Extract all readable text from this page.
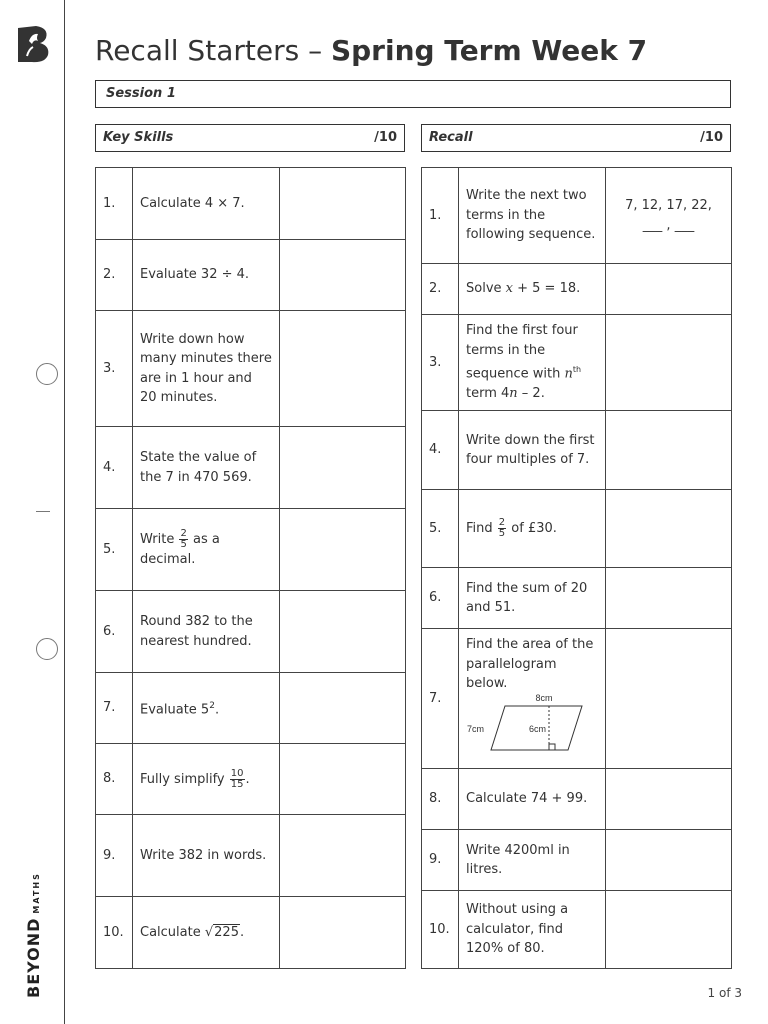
BEYONDMATHS
Recall Starters – Spring Term Week 7
Session 1
Key Skills	/10	Recall	/10
1.	Calculate 4 × 7.	
2.	Evaluate 32 ÷ 4.	
3.	Write down how many minutes there are in 1 hour and 20 minutes.	
4.	State the value of the 7 in 470 569.	
5.	Write $\frac{2}{5}$ as a decimal.	
6.	Round 382 to the nearest hundred.	
7.	Evaluate $5^2$.	
8.	Fully simplify $\frac{10}{15}$ .	
9.	Write 382 in words.	
10.	Calculate √225.	
1.	Write the next two terms in the following sequence.	7, 12, 17, 22,
___ , ___

2.	Solve x + 5 = 18.	
3.	Find the first four terms in the sequence with $n^{th}$ term 4n – 2.	
4.	Write down the first four multiples of 7.	
5.	Find $\frac{2}{5}$ of £30.	
6.	Find the sum of 20 and 51.	
7.	Find the area of the parallelogram below.
8cm
7cm 6cm	

8.	Calculate 74 + 99.	
9.	Write 4200ml in litres.	
10.	Without using a calculator, find 120% of 80.	
1 of 3
